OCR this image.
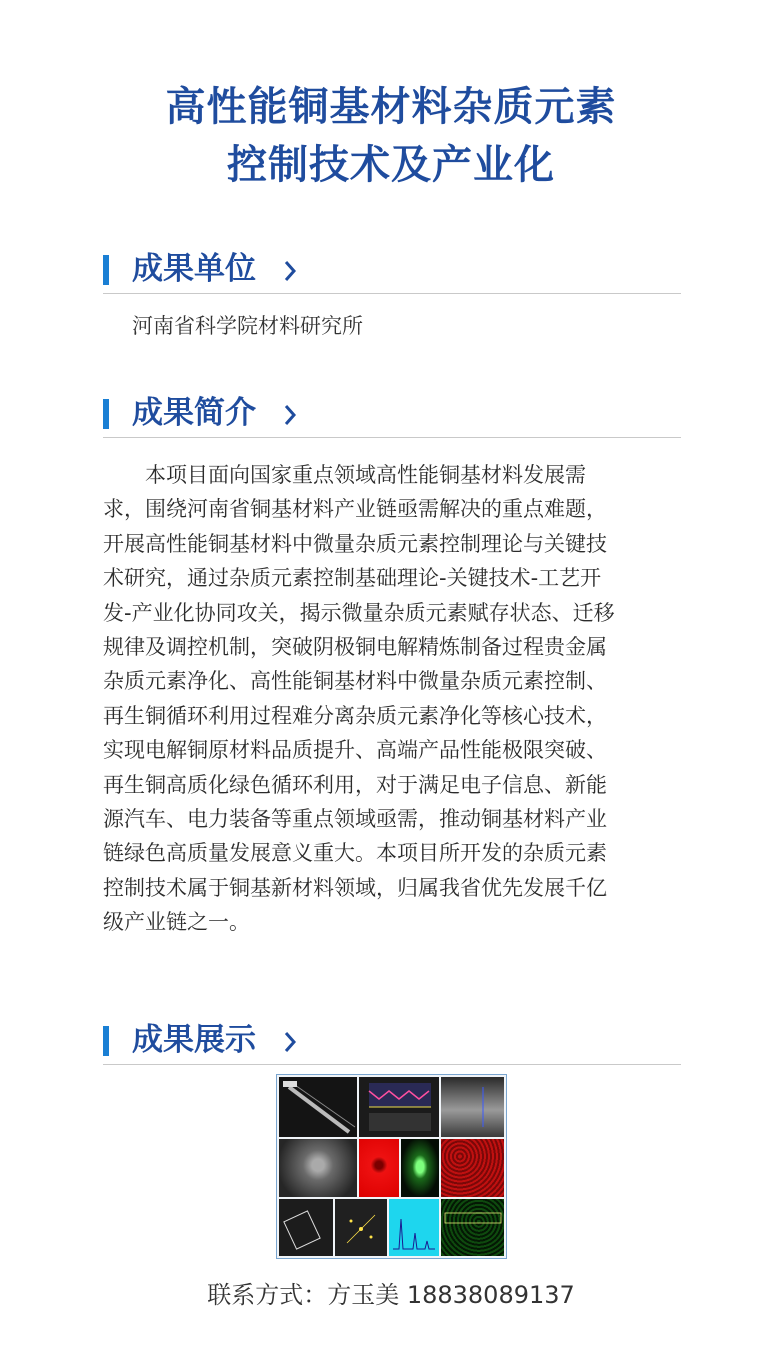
高性能铜基材料杂质元素
控制技术及产业化
成果单位
河南省科学院材料研究所
成果简介
　　本项目面向国家重点领域高性能铜基材料发展需
求，围绕河南省铜基材料产业链亟需解决的重点难题，
开展高性能铜基材料中微量杂质元素控制理论与关键技
术研究，通过杂质元素控制基础理论-关键技术-工艺开
发-产业化协同攻关，揭示微量杂质元素赋存状态、迁移
规律及调控机制，突破阴极铜电解精炼制备过程贵金属
杂质元素净化、高性能铜基材料中微量杂质元素控制、
再生铜循环利用过程难分离杂质元素净化等核心技术，
实现电解铜原材料品质提升、高端产品性能极限突破、
再生铜高质化绿色循环利用，对于满足电子信息、新能
源汽车、电力装备等重点领域亟需，推动铜基材料产业
链绿色高质量发展意义重大。本项目所开发的杂质元素
控制技术属于铜基新材料领域，归属我省优先发展千亿
级产业链之一。
成果展示
联系方式：方玉美 18838089137
